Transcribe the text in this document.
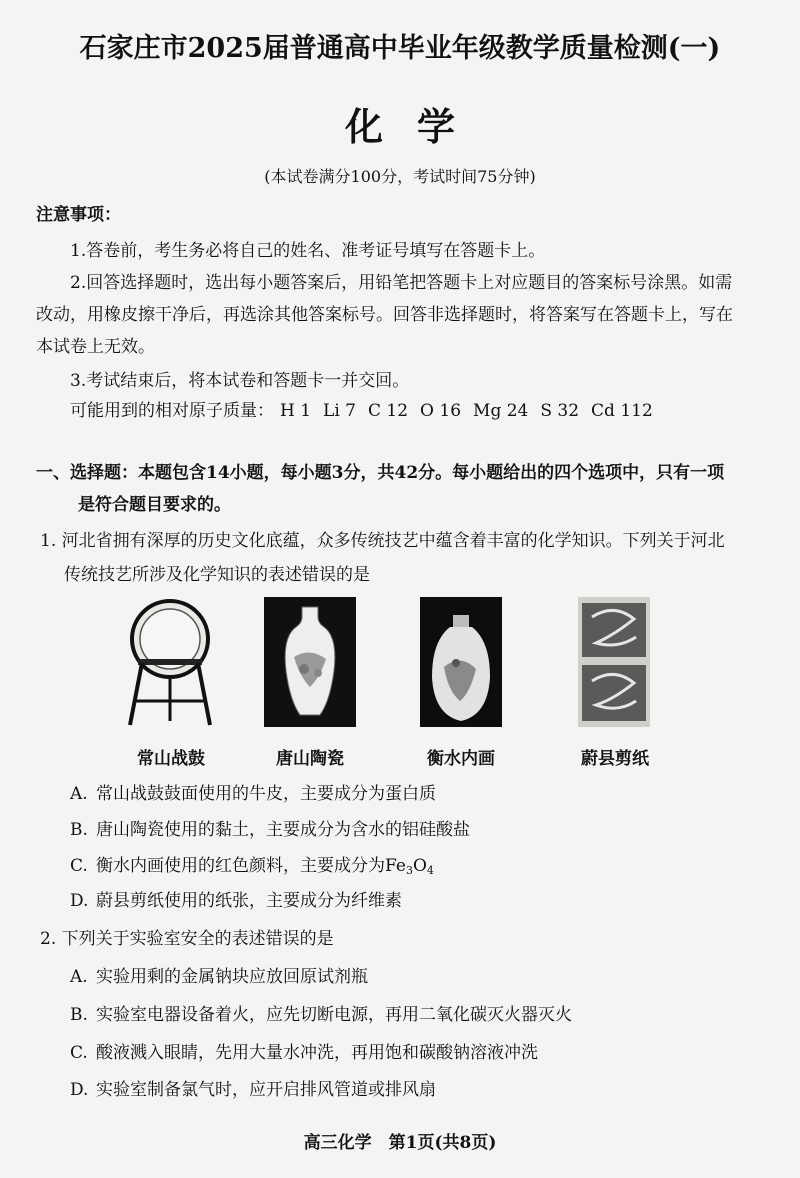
石家庄市2025届普通高中毕业年级教学质量检测(一)
化学
(本试卷满分100分，考试时间75分钟)
注意事项：
1.答卷前，考生务必将自己的姓名、准考证号填写在答题卡上。
2.回答选择题时，选出每小题答案后，用铅笔把答题卡上对应题目的答案标号涂黑。如需
改动，用橡皮擦干净后，再选涂其他答案标号。回答非选择题时，将答案写在答题卡上，写在
本试卷上无效。
3.考试结束后，将本试卷和答题卡一并交回。
可能用到的相对原子质量： H 1 Li 7 C 12 O 16 Mg 24 S 32 Cd 112
一、选择题：本题包含14小题，每小题3分，共42分。每小题给出的四个选项中，只有一项
是符合题目要求的。
1. 河北省拥有深厚的历史文化底蕴，众多传统技艺中蕴含着丰富的化学知识。下列关于河北
传统技艺所涉及化学知识的表述错误的是
常山战鼓	唐山陶瓷	衡水内画	蔚县剪纸
A. 常山战鼓鼓面使用的牛皮，主要成分为蛋白质
B. 唐山陶瓷使用的黏土，主要成分为含水的铝硅酸盐
C. 衡水内画使用的红色颜料，主要成分为$Fe_3O_4$
D. 蔚县剪纸使用的纸张，主要成分为纤维素
2. 下列关于实验室安全的表述错误的是
A. 实验用剩的金属钠块应放回原试剂瓶
B. 实验室电器设备着火，应先切断电源，再用二氧化碳灭火器灭火
C. 酸液溅入眼睛，先用大量水冲洗，再用饱和碳酸钠溶液冲洗
D. 实验室制备氯气时，应开启排风管道或排风扇
高三化学　第1页(共8页)
